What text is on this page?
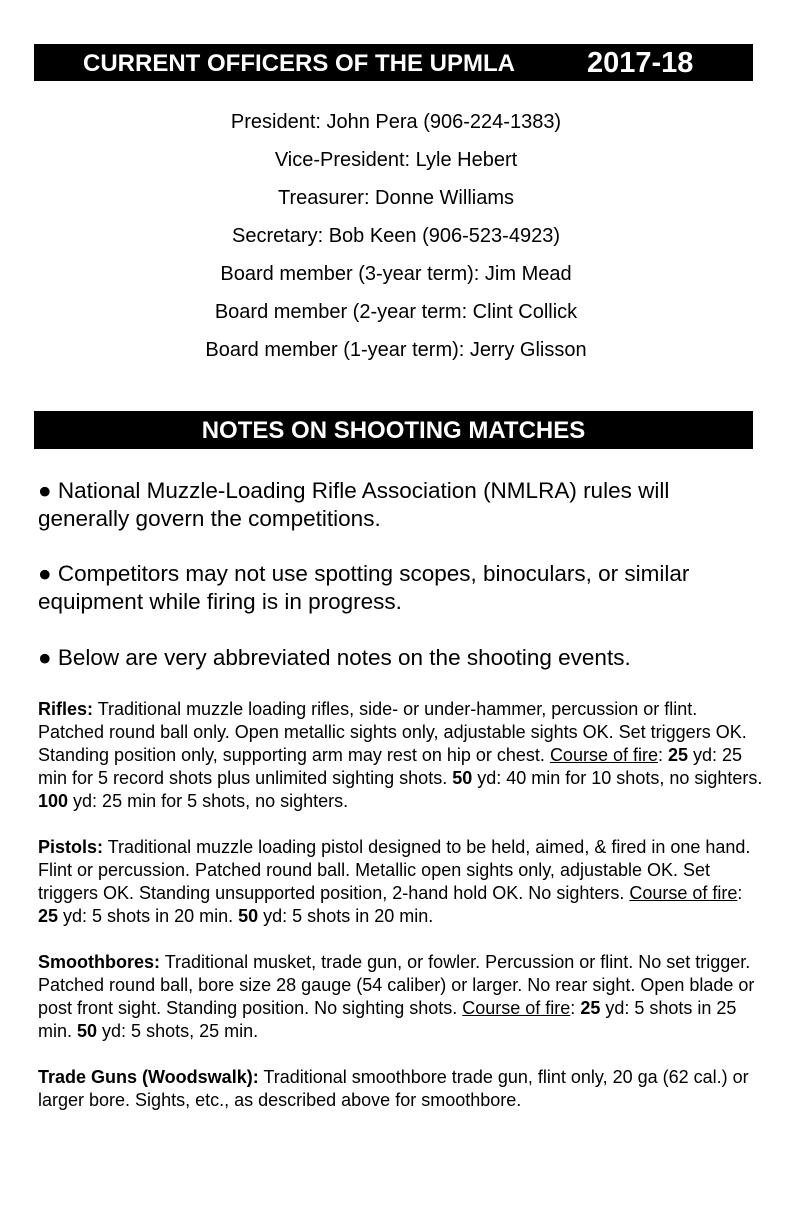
CURRENT OFFICERS OF THE UPMLA 2017-18
President: John Pera (906-224-1383)
Vice-President: Lyle Hebert
Treasurer: Donne Williams
Secretary: Bob Keen (906-523-4923)
Board member (3-year term): Jim Mead
Board member (2-year term: Clint Collick
Board member (1-year term): Jerry Glisson
NOTES ON SHOOTING MATCHES

● National Muzzle-Loading Rifle Association (NMLRA) rules will generally govern the competitions.

● Competitors may not use spotting scopes, binoculars, or similar equipment while firing is in progress.

● Below are very abbreviated notes on the shooting events.

Rifles: Traditional muzzle loading rifles, side- or under-hammer, percussion or flint. Patched round ball only. Open metallic sights only, adjustable sights OK. Set triggers OK. Standing position only, supporting arm may rest on hip or chest. Course of fire: 25 yd: 25 min for 5 record shots plus unlimited sighting shots. 50 yd: 40 min for 10 shots, no sighters. 100 yd: 25 min for 5 shots, no sighters.

Pistols: Traditional muzzle loading pistol designed to be held, aimed, & fired in one hand. Flint or percussion. Patched round ball. Metallic open sights only, adjustable OK. Set triggers OK. Standing unsupported position, 2-hand hold OK. No sighters. Course of fire: 25 yd: 5 shots in 20 min. 50 yd: 5 shots in 20 min.

Smoothbores: Traditional musket, trade gun, or fowler. Percussion or flint. No set trigger. Patched round ball, bore size 28 gauge (54 caliber) or larger. No rear sight. Open blade or post front sight. Standing position. No sighting shots. Course of fire: 25 yd: 5 shots in 25 min. 50 yd: 5 shots, 25 min.

Trade Guns (Woodswalk): Traditional smoothbore trade gun, flint only, 20 ga (62 cal.) or larger bore. Sights, etc., as described above for smoothbore.
